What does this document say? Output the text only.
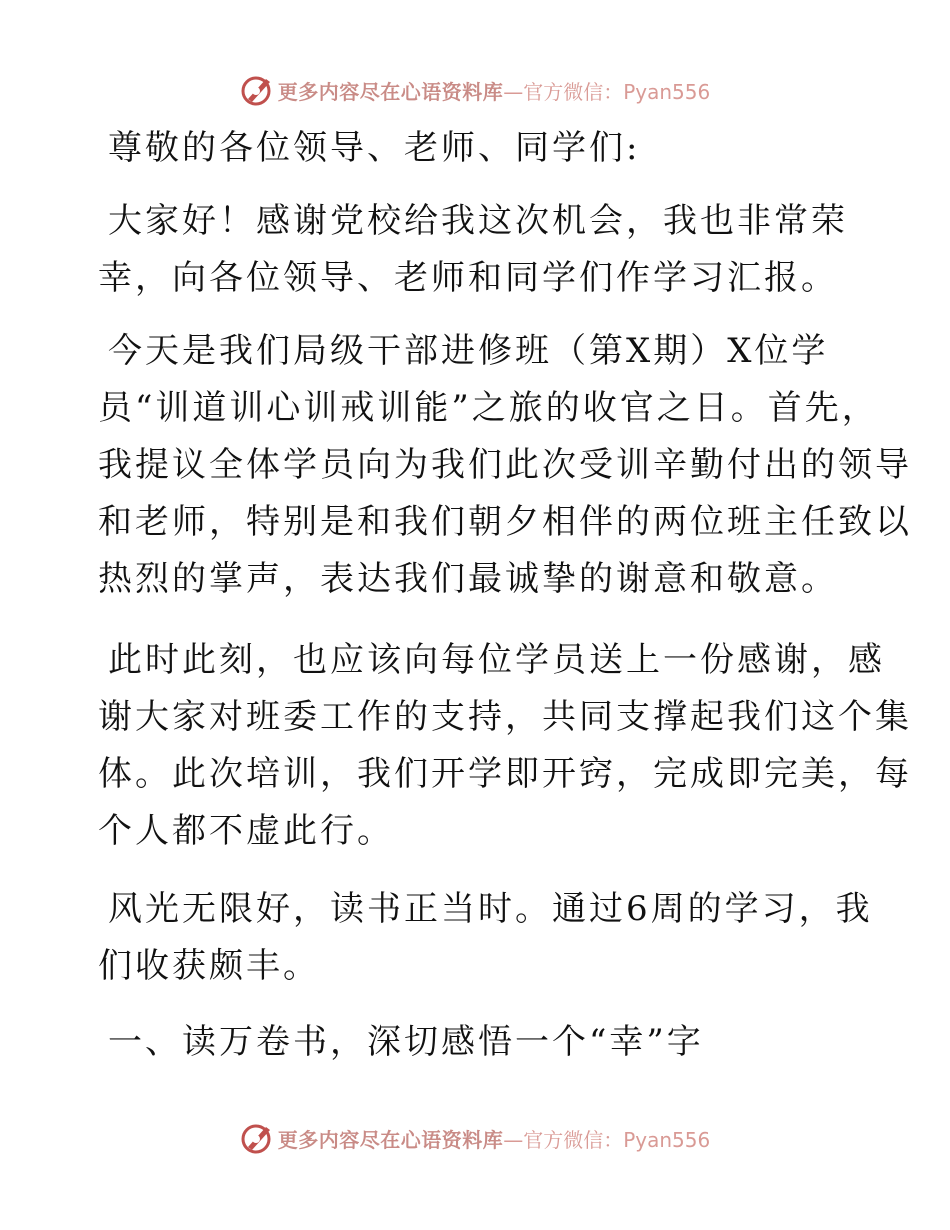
更多内容尽在心语资料库 —官方微信：Pyan556
尊敬的各位领导、老师、同学们:
大家好！感谢党校给我这次机会，我也非常荣
幸，向各位领导、老师和同学们作学习汇报。
今天是我们局级干部进修班（第X期）X位学
员“训道训心训戒训能”之旅的收官之日。首先，
我提议全体学员向为我们此次受训辛勤付出的领导
和老师，特别是和我们朝夕相伴的两位班主任致以
热烈的掌声，表达我们最诚挚的谢意和敬意。
此时此刻，也应该向每位学员送上一份感谢，感
谢大家对班委工作的支持，共同支撑起我们这个集
体。此次培训，我们开学即开窍，完成即完美，每
个人都不虚此行。
风光无限好，读书正当时。通过6周的学习，我
们收获颇丰。
一、读万卷书，深切感悟一个“幸”字
更多内容尽在心语资料库 —官方微信：Pyan556
